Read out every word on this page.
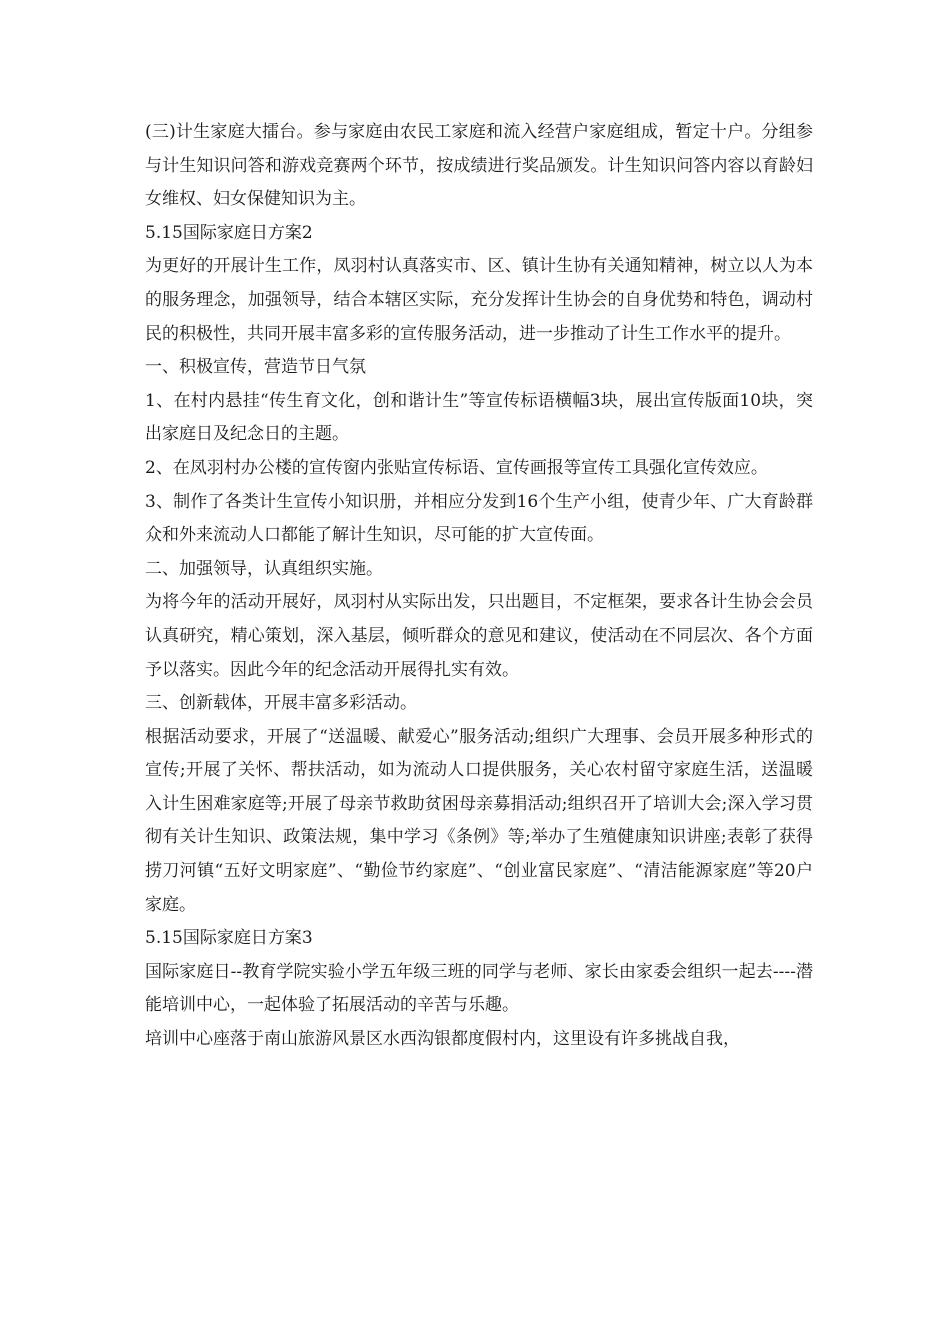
(三)计生家庭大擂台。参与家庭由农民工家庭和流入经营户家庭组成，暂定十户。分组参与计生知识问答和游戏竞赛两个环节，按成绩进行奖品颁发。计生知识问答内容以育龄妇女维权、妇女保健知识为主。

5.15国际家庭日方案2

为更好的开展计生工作，凤羽村认真落实市、区、镇计生协有关通知精神，树立以人为本的服务理念，加强领导，结合本辖区实际，充分发挥计生协会的自身优势和特色，调动村民的积极性，共同开展丰富多彩的宣传服务活动，进一步推动了计生工作水平的提升。

一、积极宣传，营造节日气氛

1、在村内悬挂“传生育文化，创和谐计生”等宣传标语横幅3块，展出宣传版面10块，突出家庭日及纪念日的主题。

2、在凤羽村办公楼的宣传窗内张贴宣传标语、宣传画报等宣传工具强化宣传效应。

3、制作了各类计生宣传小知识册，并相应分发到16个生产小组，使青少年、广大育龄群众和外来流动人口都能了解计生知识，尽可能的扩大宣传面。

二、加强领导，认真组织实施。

为将今年的活动开展好，凤羽村从实际出发，只出题目，不定框架，要求各计生协会会员认真研究，精心策划，深入基层，倾听群众的意见和建议，使活动在不同层次、各个方面予以落实。因此今年的纪念活动开展得扎实有效。

三、创新载体，开展丰富多彩活动。

根据活动要求，开展了“送温暖、献爱心”服务活动;组织广大理事、会员开展多种形式的宣传;开展了关怀、帮扶活动，如为流动人口提供服务，关心农村留守家庭生活，送温暖入计生困难家庭等;开展了母亲节救助贫困母亲募捐活动;组织召开了培训大会;深入学习贯彻有关计生知识、政策法规，集中学习《条例》等;举办了生殖健康知识讲座;表彰了获得捞刀河镇“五好文明家庭”、“勤俭节约家庭”、“创业富民家庭”、“清洁能源家庭”等20户家庭。

5.15国际家庭日方案3

国际家庭日--教育学院实验小学五年级三班的同学与老师、家长由家委会组织一起去----潜能培训中心，一起体验了拓展活动的辛苦与乐趣。

培训中心座落于南山旅游风景区水西沟银都度假村内，这里设有许多挑战自我，
